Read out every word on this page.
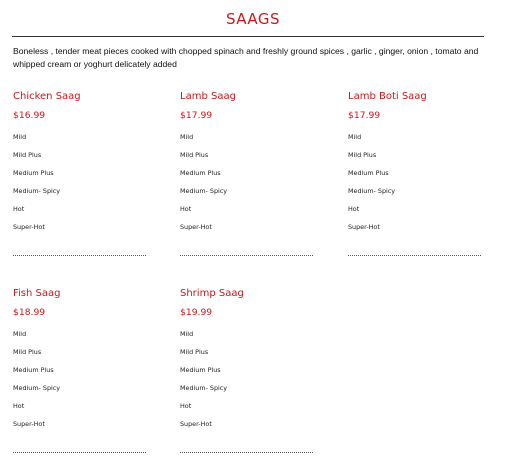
SAAGS
Boneless , tender meat pieces cooked with chopped spinach and freshly ground spices , garlic , ginger, onion , tomato and whipped cream or yoghurt delicately added
Chicken Saag
$16.99
Mild
Mild Plus
Medium Plus
Medium- Spicy
Hot
Super-Hot
Lamb Saag
$17.99
Mild
Mild Plus
Medium Plus
Medium- Spicy
Hot
Super-Hot
Lamb Boti Saag
$17.99
Mild
Mild Plus
Medium Plus
Medium- Spicy
Hot
Super-Hot
Fish Saag
$18.99
Mild
Mild Plus
Medium Plus
Medium- Spicy
Hot
Super-Hot
Shrimp Saag
$19.99
Mild
Mild Plus
Medium Plus
Medium- Spicy
Hot
Super-Hot
